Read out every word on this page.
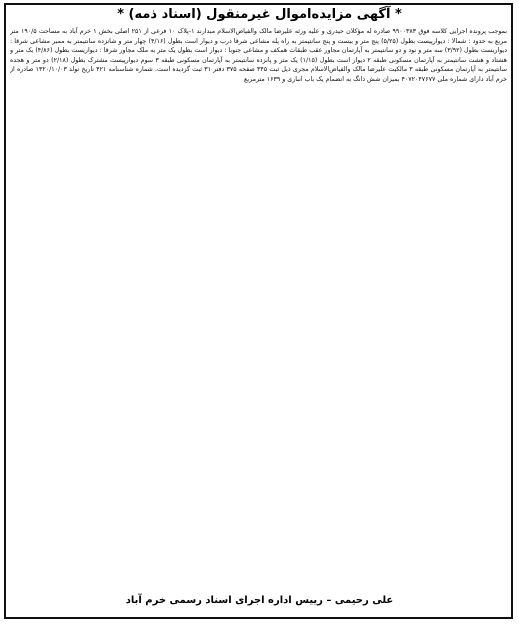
* آگهی مزایده‌اموال غیرمنقول (اسناد ذمه) *

بموجب پرونده اجرایی کلاسه فوق ۹۹۰۰۳۸۳ صادره له مؤکلان حیدری و علیه ورثه علیرضا مالک والفیاض‌الاسلام مبدارند ۱-پلاک ۱۰ فرعی از ۲۵۱ اصلی بخش ۱ خرم آباد به مساحت ۱۹۰/۵ متر مربع به حدود : شمالا : دیوارپیست بطول (۵/۲۵) پنج متر و بیست و پنج سانتیمتر به راه پله مشاعی شرقا درب و دیوار است بطول (۴/۱۶) چهار متر و شانزده سانتیمتر به ممبر مشاعی شرقا : دیواریست بطول (۳/۹۲) سه متر و نود و دو سانتیمتر به آپارتمان مجاور عقب طبقات همکف و مشاعی جنوبا : دیوار است بطول یک متر به ملک مجاور شرقا : دیواریست بطول (۴/۸۶) یک متر و هشتاد و هشت سانتیمتر به آپارتمان مسکونی طبقه ۲ دیوار است بطول (۱/۱۵) یک متر و پانزده سانتیمتر به آپارتمان مسکونی طبقه ۳ سوم دیوارپیست مشترک بطول (۲/۱۸) دو متر و هجده سانتیمتر به آپارتمان مسکونی طبقه ۳ مالکیت علیرضا مالک والفیاض‌الاسلام مجری ذیل ثبت ۳۴۵ صفحه ۳۷۵ دفتر ۳۱ ثبت گردیده است. شماره شناسنامه ۴۲۱ تاریخ تولد ۱۳۲۰/۱۰/۰۳ صادره از خرم آباد دارای شماره ملی ۴۰۷۲۰۴۷۶۷۷ بمیزان شش دانگ به انضمام یک باب انباری و ۱۶۳۹ مترمربع

علی رحیمی – رییس اداره اجرای اسناد رسمی خرم آباد
